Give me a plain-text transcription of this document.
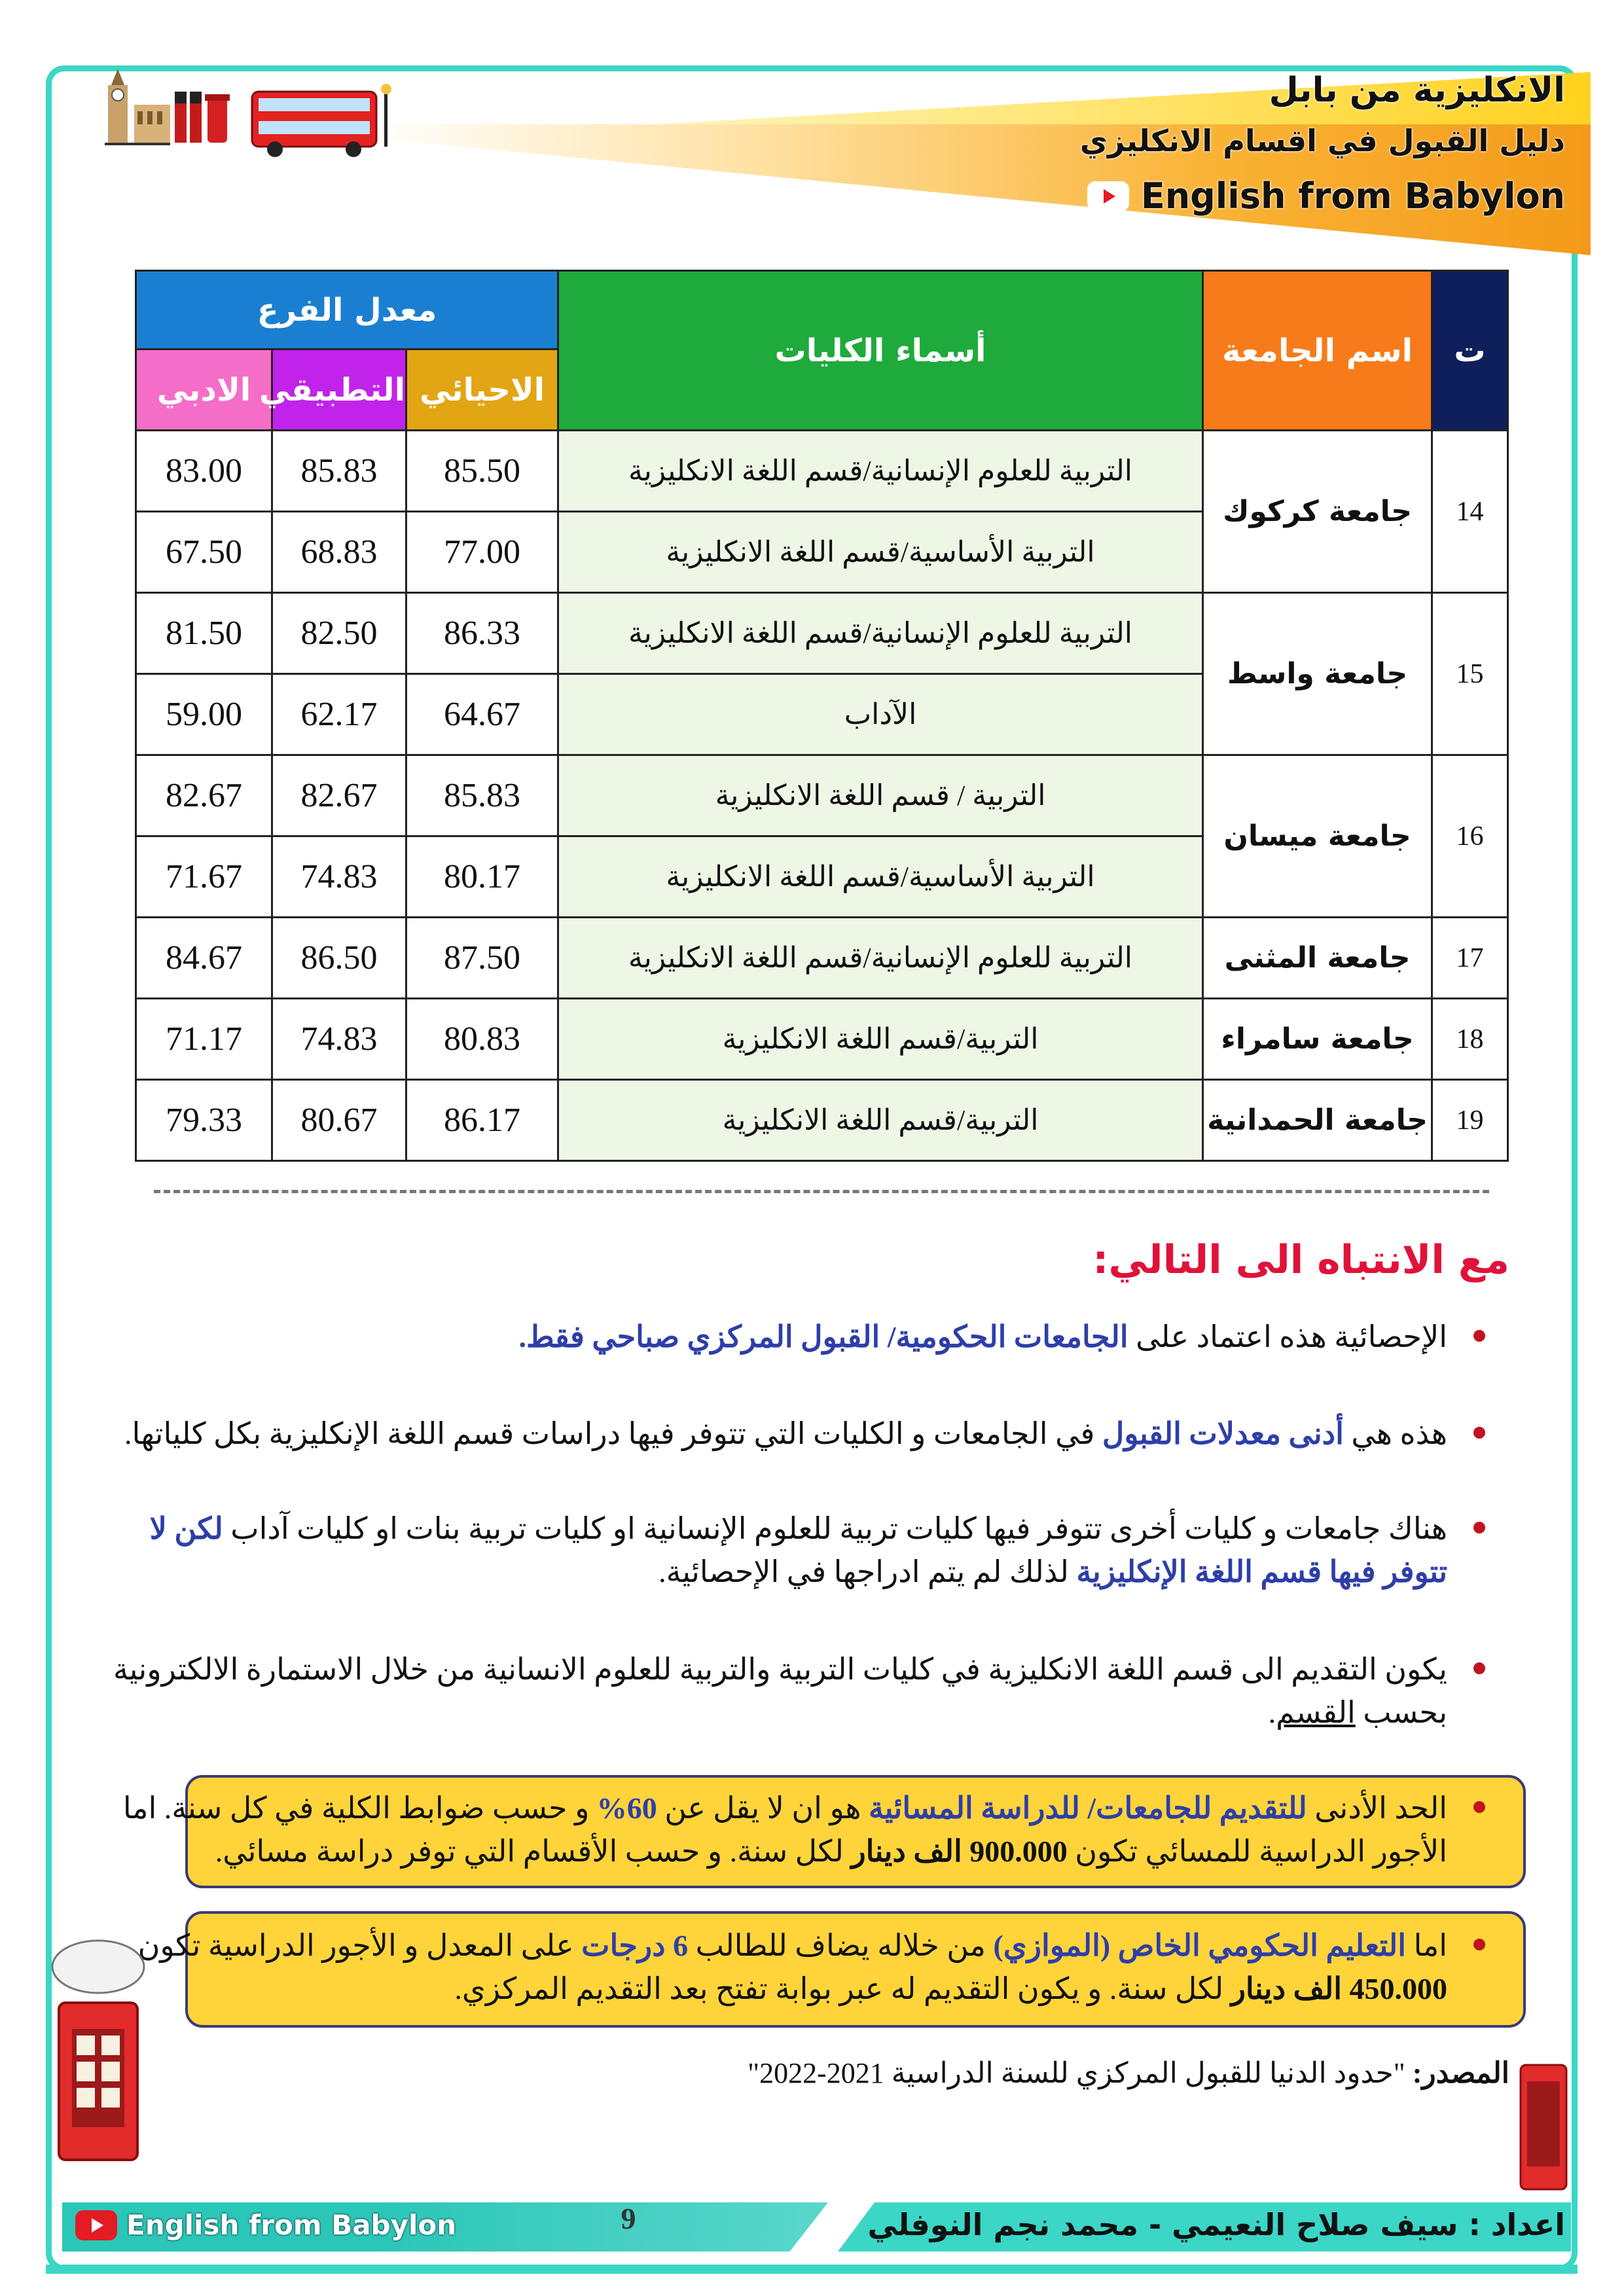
الانكليزية من بابل
دليل القبول في اقسام الانكليزي
English from Babylon
ت	اسم الجامعة	أسماء الكليات	معدل الفرع		
			الاحيائي	التطبيقي	الادبي
14	جامعة كركوك	التربية للعلوم الإنسانية/قسم اللغة الانكليزية	85.50	85.83	83.00
		التربية الأساسية/قسم اللغة الانكليزية	77.00	68.83	67.50
15	جامعة واسط	التربية للعلوم الإنسانية/قسم اللغة الانكليزية	86.33	82.50	81.50
		الآداب	64.67	62.17	59.00
16	جامعة ميسان	التربية / قسم اللغة الانكليزية	85.83	82.67	82.67
		التربية الأساسية/قسم اللغة الانكليزية	80.17	74.83	71.67
17	جامعة المثنى	التربية للعلوم الإنسانية/قسم اللغة الانكليزية	87.50	86.50	84.67
18	جامعة سامراء	التربية/قسم اللغة الانكليزية	80.83	74.83	71.17
19	جامعة الحمدانية	التربية/قسم اللغة الانكليزية	86.17	80.67	79.33
مع الانتباه الى التالي:
الإحصائية هذه اعتماد على الجامعات الحكومية/ القبول المركزي صباحي فقط.
هذه هي أدنى معدلات القبول في الجامعات و الكليات التي تتوفر فيها دراسات قسم اللغة الإنكليزية بكل كلياتها.
هناك جامعات و كليات أخرى تتوفر فيها كليات تربية للعلوم الإنسانية او كليات تربية بنات او كليات آداب لكن لا تتوفر فيها قسم اللغة الإنكليزية لذلك لم يتم ادراجها في الإحصائية.
يكون التقديم الى قسم اللغة الانكليزية في كليات التربية والتربية للعلوم الانسانية من خلال الاستمارة الالكترونية بحسب القسم.
الحد الأدنى للتقديم للجامعات/ للدراسة المسائية هو ان لا يقل عن 60% و حسب ضوابط الكلية في كل سنة. اما الأجور الدراسية للمسائي تكون 900.000 الف دينار لكل سنة. و حسب الأقسام التي توفر دراسة مسائي.
اما التعليم الحكومي الخاص (الموازي) من خلاله يضاف للطالب 6 درجات على المعدل و الأجور الدراسية تكون 450.000 الف دينار لكل سنة. و يكون التقديم له عبر بوابة تفتح بعد التقديم المركزي.
المصدر: "حدود الدنيا للقبول المركزي للسنة الدراسية 2021-2022"
English from Babylon	9	اعداد : سيف صلاح النعيمي - محمد نجم النوفلي
